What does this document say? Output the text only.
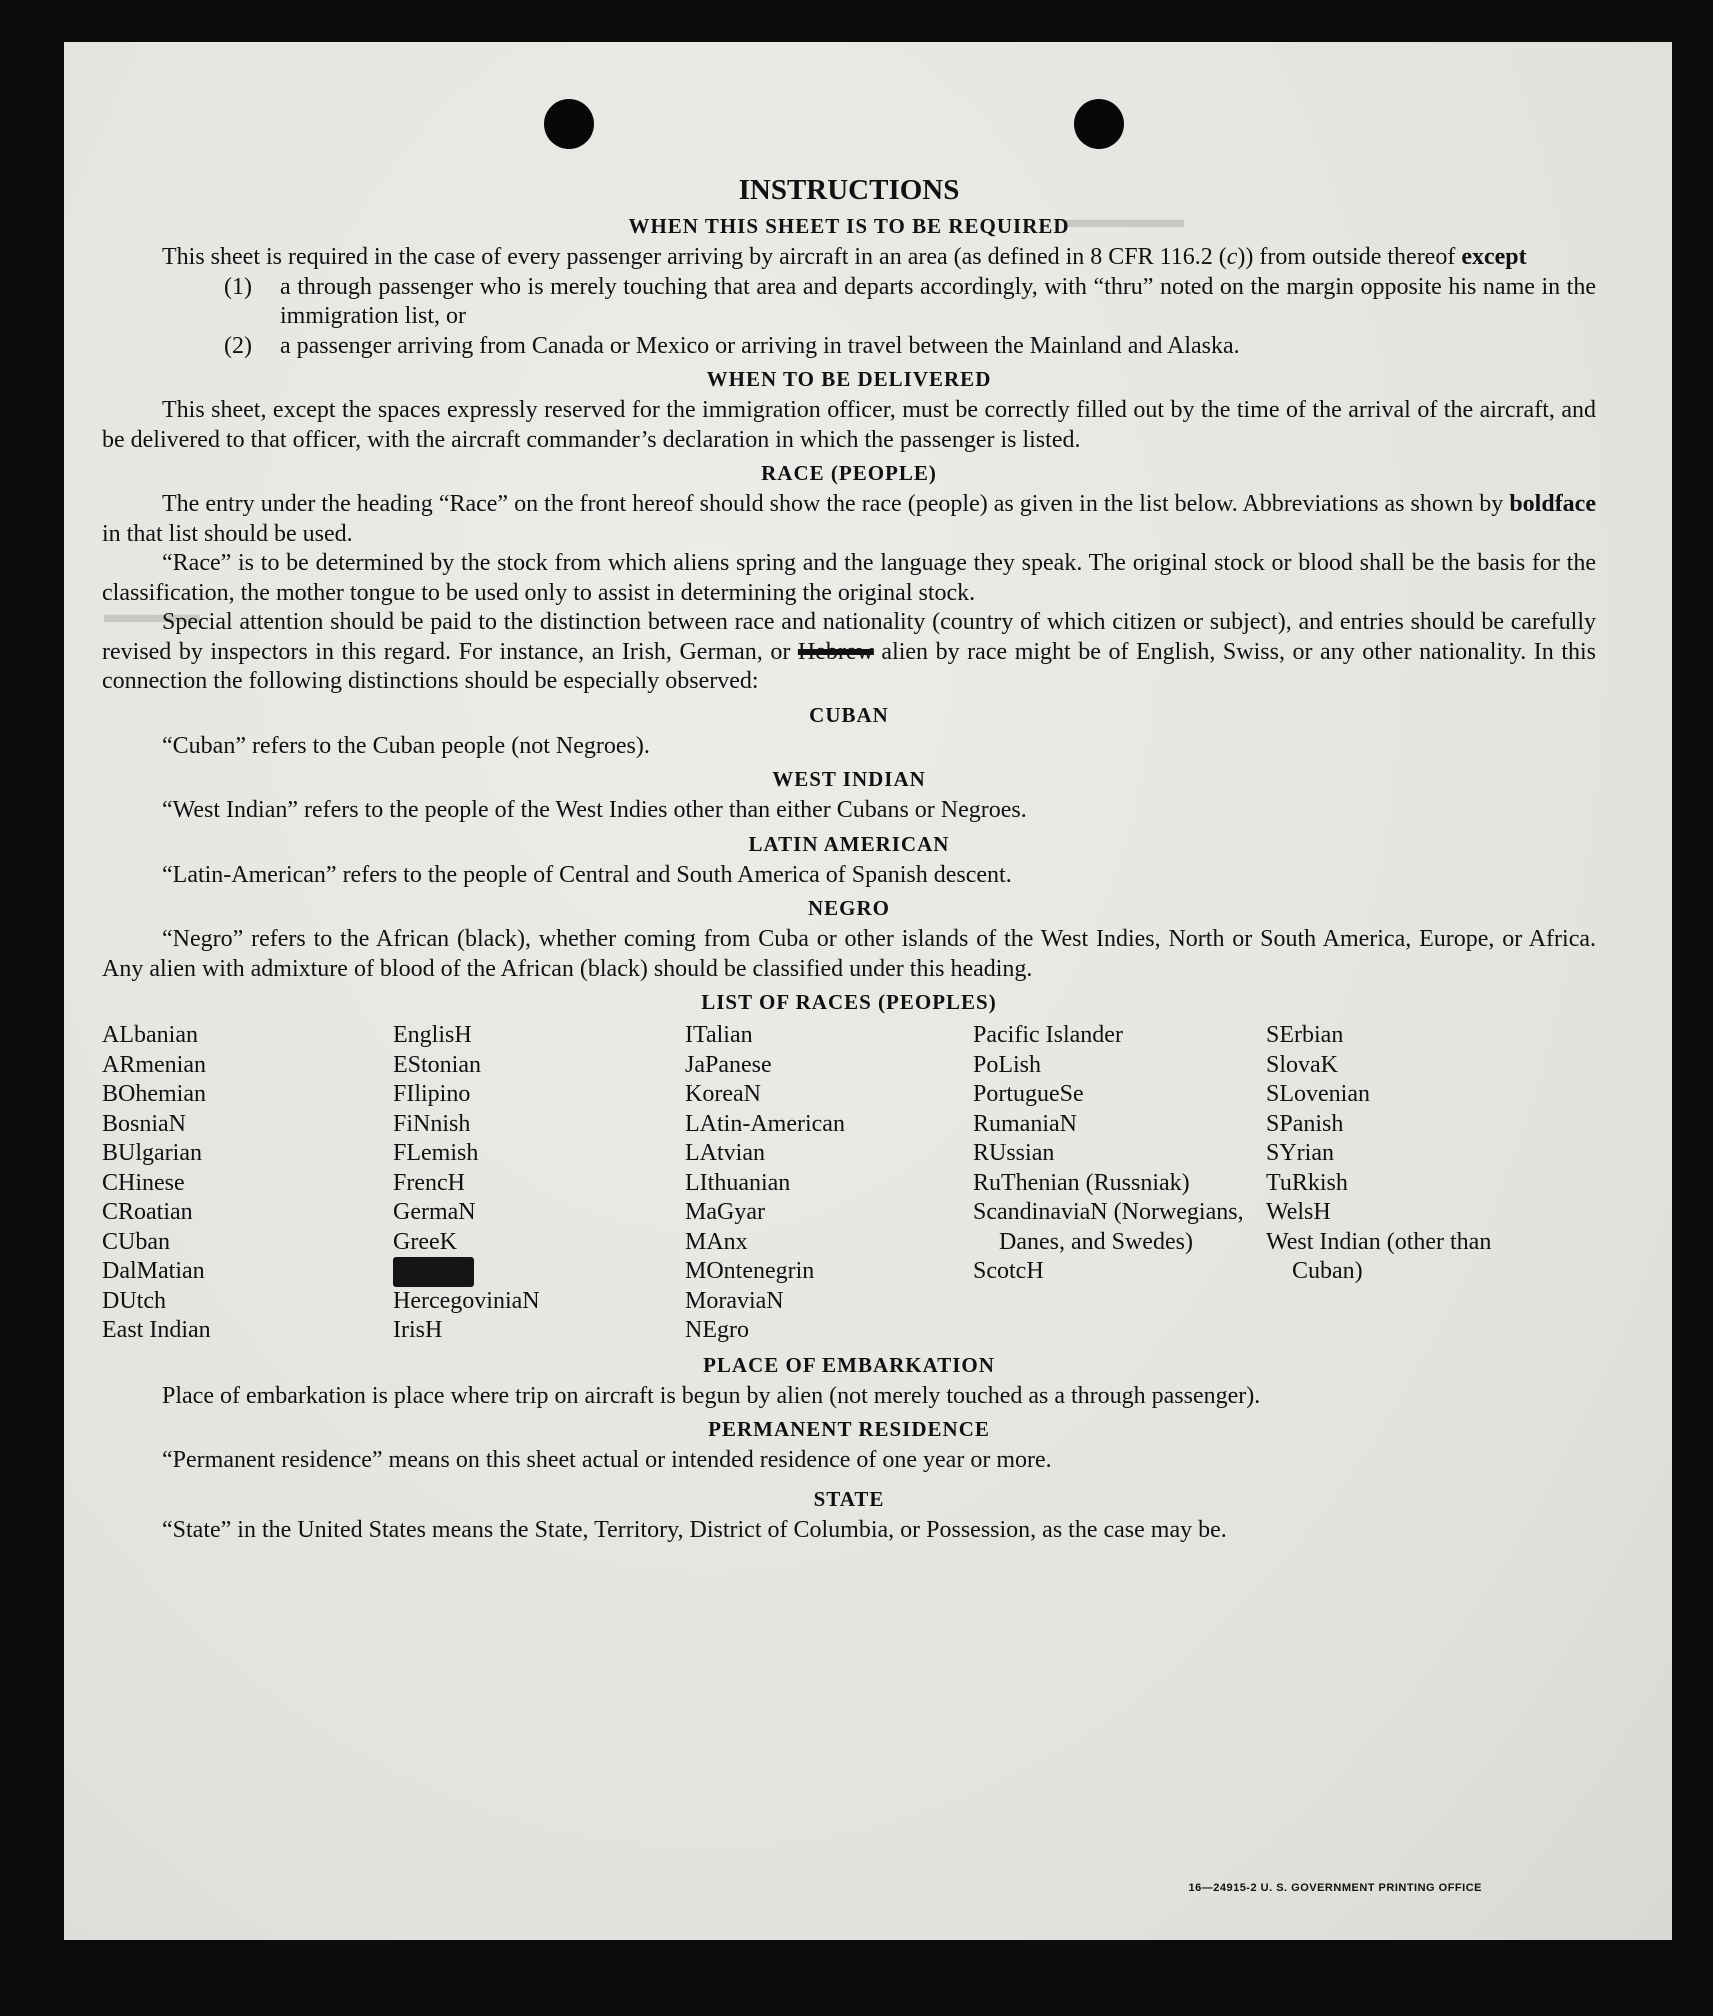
▬▬▬▬▬
▬▬▬▬
INSTRUCTIONS
WHEN THIS SHEET IS TO BE REQUIRED

This sheet is required in the case of every passenger arriving by aircraft in an area (as defined in 8 CFR 116.2 (c)) from outside thereof except

(1)	a through passenger who is merely touching that area and departs accordingly, with “thru” noted on the margin opposite his name in the immigration list, or
(2)	a passenger arriving from Canada or Mexico or arriving in travel between the Mainland and Alaska.
WHEN TO BE DELIVERED

This sheet, except the spaces expressly reserved for the immigration officer, must be correctly filled out by the time of the arrival of the aircraft, and be delivered to that officer, with the aircraft commander’s declaration in which the passenger is listed.

RACE (PEOPLE)

The entry under the heading “Race” on the front hereof should show the race (people) as given in the list below. Abbreviations as shown by boldface in that list should be used.

“Race” is to be determined by the stock from which aliens spring and the language they speak. The original stock or blood shall be the basis for the classification, the mother tongue to be used only to assist in determining the original stock.

Special attention should be paid to the distinction between race and nationality (country of which citizen or subject), and entries should be carefully revised by inspectors in this regard. For instance, an Irish, German, or Hebrew alien by race might be of English, Swiss, or any other nationality. In this connection the following distinctions should be especially observed:

CUBAN

“Cuban” refers to the Cuban people (not Negroes).

WEST INDIAN

“West Indian” refers to the people of the West Indies other than either Cubans or Negroes.

LATIN AMERICAN

“Latin-American” refers to the people of Central and South America of Spanish descent.

NEGRO

“Negro” refers to the African (black), whether coming from Cuba or other islands of the West Indies, North or South America, Europe, or Africa. Any alien with admixture of blood of the African (black) should be classified under this heading.

LIST OF RACES (PEOPLES)
ALbanian
ARmenian
BOhemian
BosniaN
BUlgarian
CHinese
CRoatian
CUban
DalMatian
DUtch
East Indian
EnglisH
EStonian
FIlipino
FiNnish
FLemish
FrencH
GermaN
GreeK
HebreW
HercegoviniaN
IrisH
ITalian
JaPanese
KoreaN
LAtin-American
LAtvian
LIthuanian
MaGyar
MAnx
MOntenegrin
MoraviaN
NEgro
Pacific Islander
PoLish
PortugueSe
RumaniaN
RUssian
RuThenian (Russniak)
ScandinaviaN (Norwegians, Danes, and Swedes)
ScotcH
SErbian
SlovaK
SLovenian
SPanish
SYrian
TuRkish
WelsH
West Indian (other than Cuban)
PLACE OF EMBARKATION

Place of embarkation is place where trip on aircraft is begun by alien (not merely touched as a through passenger).

PERMANENT RESIDENCE

“Permanent residence” means on this sheet actual or intended residence of one year or more.

STATE

“State” in the United States means the State, Territory, District of Columbia, or Possession, as the case may be.

16—24915-2 U. S. GOVERNMENT PRINTING OFFICE
